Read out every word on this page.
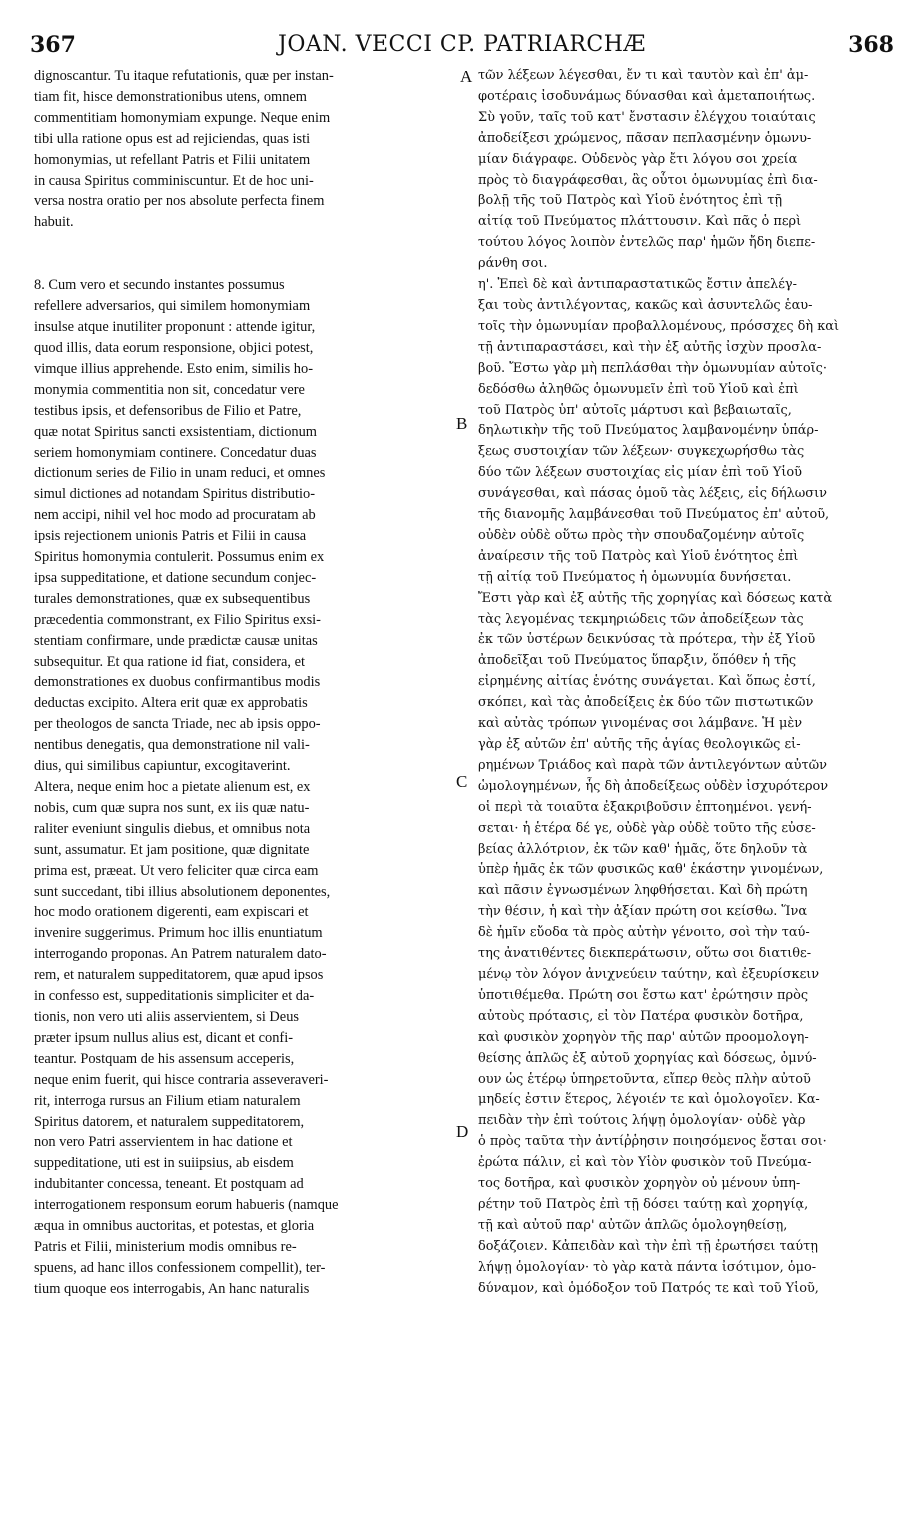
367	JOAN. VECCI CP. PATRIARCHÆ	368
dignoscantur. Tu itaque refutationis, quæ per instan-
tiam fit, hisce demonstrationibus utens, omnem
commentitiam homonymiam expunge. Neque enim
tibi ulla ratione opus est ad rejiciendas, quas isti
homonymias, ut refellant Patris et Filii unitatem
in causa Spiritus comminiscuntur. Et de hoc uni-
versa nostra oratio per nos absolute perfecta finem
habuit.
8. Cum vero et secundo instantes possumus
refellere adversarios, qui similem homonymiam
insulse atque inutiliter proponunt : attende igitur,
quod illis, data eorum responsione, objici potest,
vimque illius apprehende. Esto enim, similis ho-
monymia commentitia non sit, concedatur vere
testibus ipsis, et defensoribus de Filio et Patre,
quæ notat Spiritus sancti exsistentiam, dictionum
seriem homonymiam continere. Concedatur duas
dictionum series de Filio in unam reduci, et omnes
simul dictiones ad notandam Spiritus distributio-
nem accipi, nihil vel hoc modo ad procuratam ab
ipsis rejectionem unionis Patris et Filii in causa
Spiritus homonymia contulerit. Possumus enim ex
ipsa suppeditatione, et datione secundum conjec-
turales demonstrationes, quæ ex subsequentibus
præcedentia commonstrant, ex Filio Spiritus exsi-
stentiam confirmare, unde prædictæ causæ unitas
subsequitur. Et qua ratione id fiat, considera, et
demonstrationes ex duobus confirmantibus modis
deductas excipito. Altera erit quæ ex approbatis
per theologos de sancta Triade, nec ab ipsis oppo-
nentibus denegatis, qua demonstratione nil vali-
dius, qui similibus capiuntur, excogitaverint.
Altera, neque enim hoc a pietate alienum est, ex
nobis, cum quæ supra nos sunt, ex iis quæ natu-
raliter eveniunt singulis diebus, et omnibus nota
sunt, assumatur. Et jam positione, quæ dignitate
prima est, præeat. Ut vero feliciter quæ circa eam
sunt succedant, tibi illius absolutionem deponentes,
hoc modo orationem digerenti, eam expiscari et
invenire suggerimus. Primum hoc illis enuntiatum
interrogando proponas. An Patrem naturalem dato-
rem, et naturalem suppeditatorem, quæ apud ipsos
in confesso est, suppeditationis simpliciter et da-
tionis, non vero uti aliis asservientem, si Deus
præter ipsum nullus alius est, dicant et confi-
teantur. Postquam de his assensum acceperis,
neque enim fuerit, qui hisce contraria asseveraveri-
rit, interroga rursus an Filium etiam naturalem
Spiritus datorem, et naturalem suppeditatorem,
non vero Patri asservientem in hac datione et
suppeditatione, uti est in suiipsius, ab eisdem
indubitanter concessa, teneant. Et postquam ad
interrogationem responsum eorum habueris (namque
æqua in omnibus auctoritas, et potestas, et gloria
Patris et Filii, ministerium modis omnibus re-
spuens, ad hanc illos confessionem compellit), ter-
tium quoque eos interrogabis, An hanc naturalis
τῶν λέξεων λέγεσθαι, ἔν τι καὶ ταυτὸν καὶ ἐπ' ἀμ-
φοτέραις ἰσοδυνάμως δύνασθαι καὶ ἀμεταποιήτως.
Σὺ γοῦν, ταῖς τοῦ κατ' ἔνστασιν ἐλέγχου τοιαύταις
ἀποδείξεσι χρώμενος, πᾶσαν πεπλασμένην ὁμωνυ-
μίαν διάγραφε. Οὐδενὸς γὰρ ἔτι λόγου σοι χρεία
πρὸς τὸ διαγράφεσθαι, ἃς οὗτοι ὁμωνυμίας ἐπὶ δια-
βολῇ τῆς τοῦ Πατρὸς καὶ Υἱοῦ ἑνότητος ἐπὶ τῇ
αἰτίᾳ τοῦ Πνεύματος πλάττουσιν. Καὶ πᾶς ὁ περὶ
τούτου λόγος λοιπὸν ἐντελῶς παρ' ἡμῶν ἤδη διεπε-
ράνθη σοι.
η'. Ἐπεὶ δὲ καὶ ἀντιπαραστατικῶς ἔστιν ἀπελέγ-
ξαι τοὺς ἀντιλέγοντας, κακῶς καὶ ἀσυντελῶς ἑαυ-
τοῖς τὴν ὁμωνυμίαν προβαλλομένους, πρόσσχες δὴ καὶ
τῇ ἀντιπαραστάσει, καὶ τὴν ἐξ αὐτῆς ἰσχὺν προσλα-
βοῦ. Ἔστω γὰρ μὴ πεπλάσθαι τὴν ὁμωνυμίαν αὐτοῖς·
δεδόσθω ἀληθῶς ὁμωνυμεῖν ἐπὶ τοῦ Υἱοῦ καὶ ἐπὶ
τοῦ Πατρὸς ὑπ' αὐτοῖς μάρτυσι καὶ βεβαιωταῖς,
δηλωτικὴν τῆς τοῦ Πνεύματος λαμβανομένην ὑπάρ-
ξεως συστοιχίαν τῶν λέξεων· συγκεχωρήσθω τὰς
δύο τῶν λέξεων συστοιχίας εἰς μίαν ἐπὶ τοῦ Υἱοῦ
συνάγεσθαι, καὶ πάσας ὁμοῦ τὰς λέξεις, εἰς δήλωσιν
τῆς διανομῆς λαμβάνεσθαι τοῦ Πνεύματος ἐπ' αὐτοῦ,
οὐδὲν οὐδὲ οὕτω πρὸς τὴν σπουδαζομένην αὐτοῖς
ἀναίρεσιν τῆς τοῦ Πατρὸς καὶ Υἱοῦ ἑνότητος ἐπὶ
τῇ αἰτίᾳ τοῦ Πνεύματος ἡ ὁμωνυμία δυνήσεται.
Ἔστι γὰρ καὶ ἐξ αὐτῆς τῆς χορηγίας καὶ δόσεως κατὰ
τὰς λεγομένας τεκμηριώδεις τῶν ἀποδείξεων τὰς
ἐκ τῶν ὑστέρων δεικνύσας τὰ πρότερα, τὴν ἐξ Υἱοῦ
ἀποδεῖξαι τοῦ Πνεύματος ὕπαρξιν, ὅπόθεν ἡ τῆς
εἰρημένης αἰτίας ἑνότης συνάγεται. Καὶ ὅπως ἐστί,
σκόπει, καὶ τὰς ἀποδείξεις ἐκ δύο τῶν πιστωτικῶν
καὶ αὐτὰς τρόπων γινομένας σοι λάμβανε. Ἡ μὲν
γὰρ ἐξ αὐτῶν ἐπ' αὐτῆς τῆς ἁγίας θεολογικῶς εἰ-
ρημένων Τριάδος καὶ παρὰ τῶν ἀντιλεγόντων αὐτῶν
ὡμολογημένων, ἧς δὴ ἀποδείξεως οὐδὲν ἰσχυρότερον
οἱ περὶ τὰ τοιαῦτα ἐξακριβοῦσιν ἐπτοημένοι. γενή-
σεται· ἡ ἑτέρα δέ γε, οὐδὲ γὰρ οὐδὲ τοῦτο τῆς εὐσε-
βείας ἀλλότριον, ἐκ τῶν καθ' ἡμᾶς, ὅτε δηλοῦν τὰ
ὑπὲρ ἡμᾶς ἐκ τῶν φυσικῶς καθ' ἑκάστην γινομένων,
καὶ πᾶσιν ἐγνωσμένων ληφθήσεται. Καὶ δὴ πρώτη
τὴν θέσιν, ἡ καὶ τὴν ἀξίαν πρώτη σοι κείσθω. Ἵνα
δὲ ἡμῖν εὔοδα τὰ πρὸς αὐτὴν γένοιτο, σοὶ τὴν ταύ-
της ἀνατιθέντες διεκπεράτωσιν, οὕτω σοι διατιθε-
μένῳ τὸν λόγον ἀνιχνεύειν ταύτην, καὶ ἐξευρίσκειν
ὑποτιθέμεθα. Πρώτη σοι ἔστω κατ' ἐρώτησιν πρὸς
αὐτοὺς πρότασις, εἰ τὸν Πατέρα φυσικὸν δοτῆρα,
καὶ φυσικὸν χορηγὸν τῆς παρ' αὐτῶν προομολογη-
θείσης ἁπλῶς ἐξ αὐτοῦ χορηγίας καὶ δόσεως, ὀμνύ-
ουν ὡς ἑτέρῳ ὑπηρετοῦντα, εἴπερ θεὸς πλὴν αὐτοῦ
μηδείς ἐστιν ἕτερος, λέγοιέν τε καὶ ὁμολογοῖεν. Κα-
πειδὰν τὴν ἐπὶ τούτοις λήψῃ ὁμολογίαν· οὐδὲ γὰρ
ὁ πρὸς ταῦτα τὴν ἀντίῤῥησιν ποιησόμενος ἔσται σοι·
ἐρώτα πάλιν, εἰ καὶ τὸν Υἱὸν φυσικὸν τοῦ Πνεύμα-
τος δοτῆρα, καὶ φυσικὸν χορηγὸν οὐ μένουν ὑπη-
ρέτην τοῦ Πατρὸς ἐπὶ τῇ δόσει ταύτῃ καὶ χορηγίᾳ,
τῇ καὶ αὐτοῦ παρ' αὐτῶν ἁπλῶς ὁμολογηθείσῃ,
δοξάζοιεν. Κἀπειδὰν καὶ τὴν ἐπὶ τῇ ἐρωτήσει ταύτῃ
λήψῃ ὁμολογίαν· τὸ γὰρ κατὰ πάντα ἰσότιμον, ὁμο-
δύναμον, καὶ ὁμόδοξον τοῦ Πατρός τε καὶ τοῦ Υἱοῦ,
A
B
C
D
